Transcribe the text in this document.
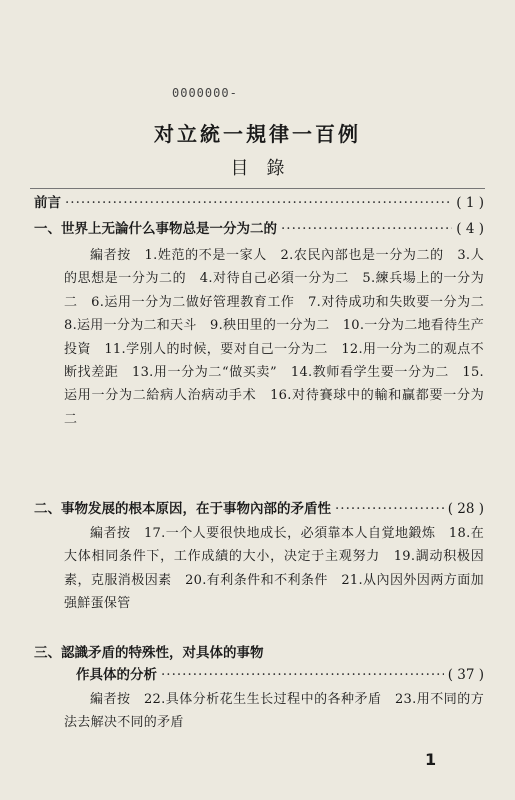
0000000-
对立統一規律一百例
目錄
前言 ·····	( 1 )
一、世界上无論什么事物总是一分为二的 ·····	( 4 )
編者按　1.姓范的不是一家人　2.农民內部也是一分为二的　3.人的思想是一分为二的　4.对待自己必須一分为二　5.練兵場上的一分为二　6.运用一分为二做好管理教育工作　7.对待成功和失敗要一分为二　8.运用一分为二和天斗　9.秧田里的一分为二　10.一分为二地看待生产投資　11.学別人的时候，要对自己一分为二　12.用一分为二的观点不断找差距　13.用一分为二“做买卖”　14.教师看学生要一分为二　15.运用一分为二給病人治病动手术　16.对待賽球中的輸和贏都要一分为二
二、事物发展的根本原因，在于事物內部的矛盾性 ·····	( 28 )
編者按　17.一个人要很快地成长，必須靠本人自覚地鍛炼　18.在大体相同条件下，工作成績的大小，决定于主观努力　19.調动积极因素，克服消极因素　20.有利条件和不利条件　21.从內因外因两方面加强鮮蛋保管
三、認識矛盾的特殊性，对具体的事物
作具体的分析 ·····	( 37 )
編者按　22.具体分析花生生长过程中的各种矛盾　23.用不同的方法去解决不同的矛盾
1
